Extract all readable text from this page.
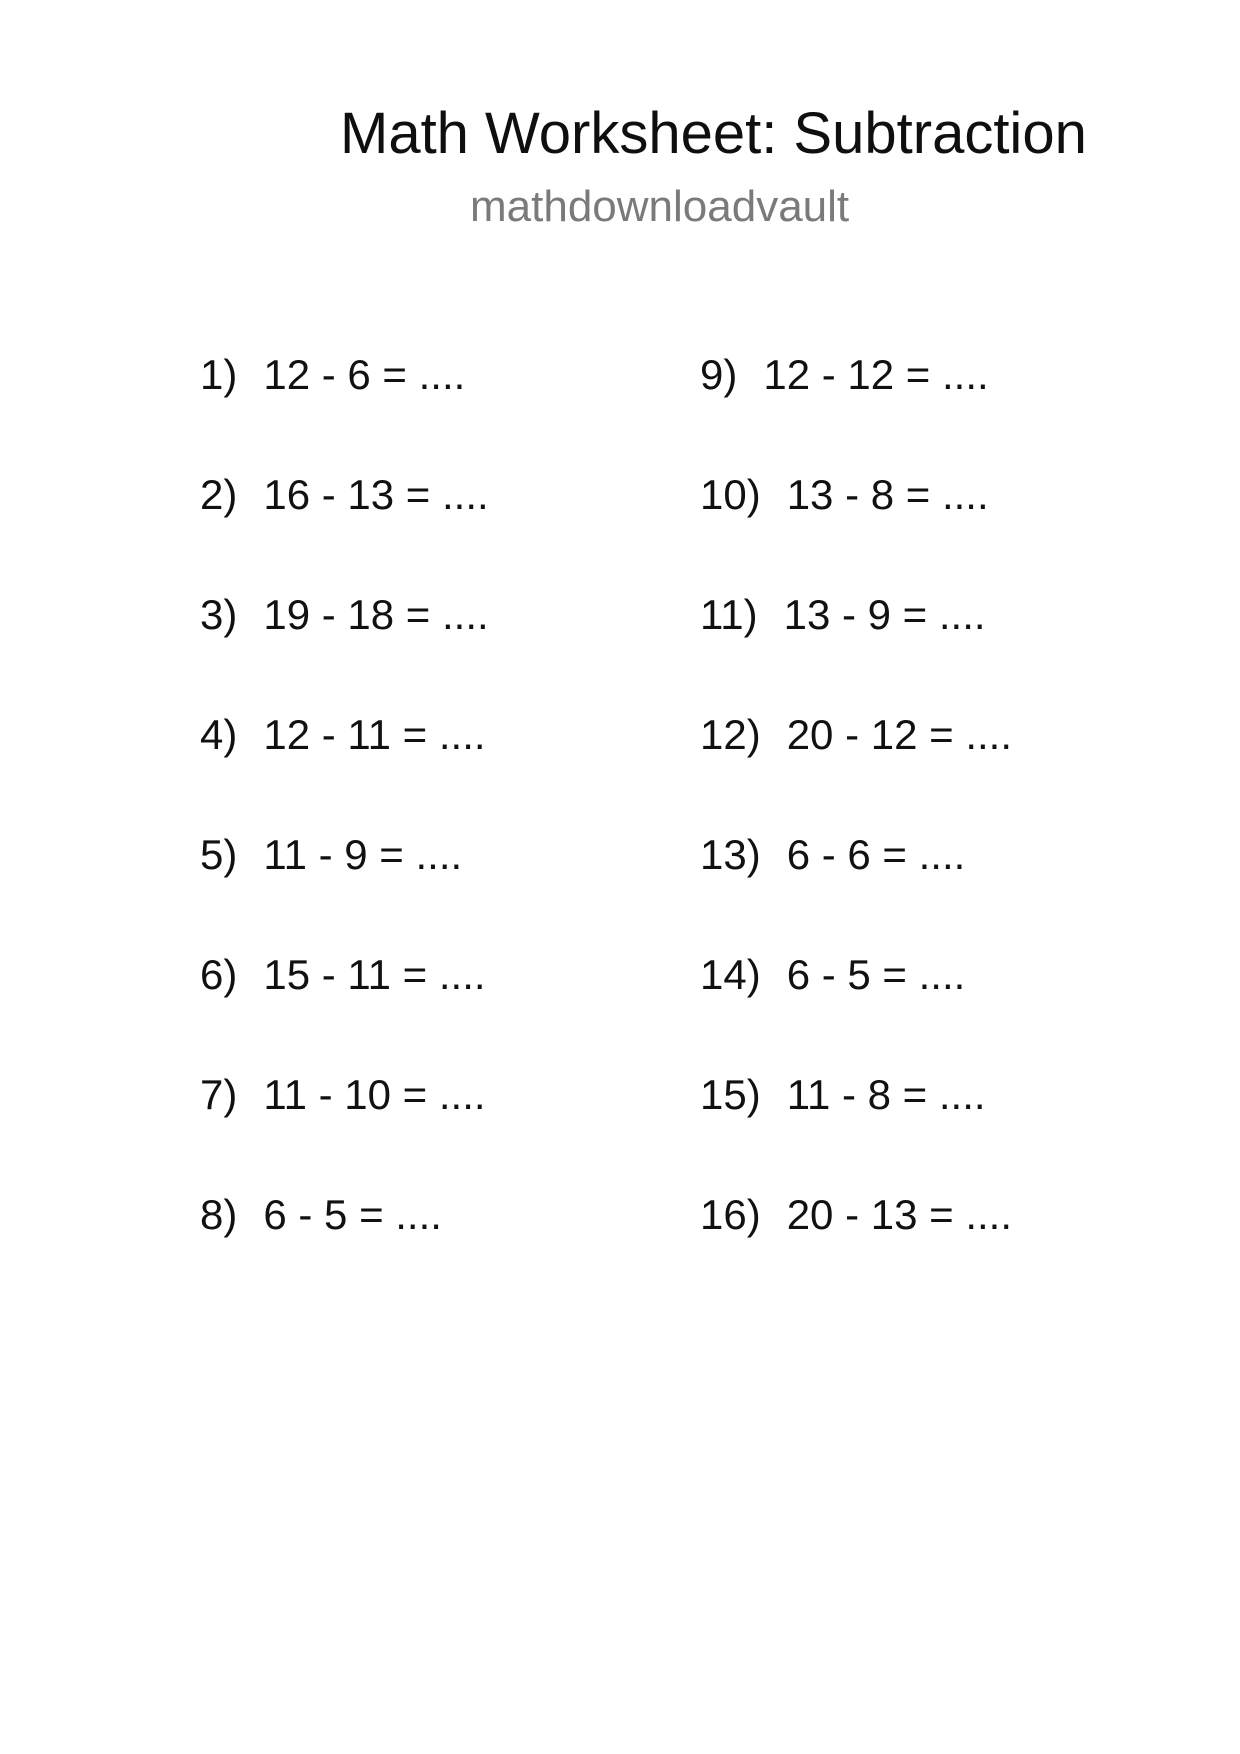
Math Worksheet: Subtraction
mathdownloadvault
1) 12 - 6 = ....
2) 16 - 13 = ....
3) 19 - 18 = ....
4) 12 - 11 = ....
5) 11 - 9 = ....
6) 15 - 11 = ....
7) 11 - 10 = ....
8) 6 - 5 = ....
9) 12 - 12 = ....
10) 13 - 8 = ....
11) 13 - 9 = ....
12) 20 - 12 = ....
13) 6 - 6 = ....
14) 6 - 5 = ....
15) 11 - 8 = ....
16) 20 - 13 = ....
